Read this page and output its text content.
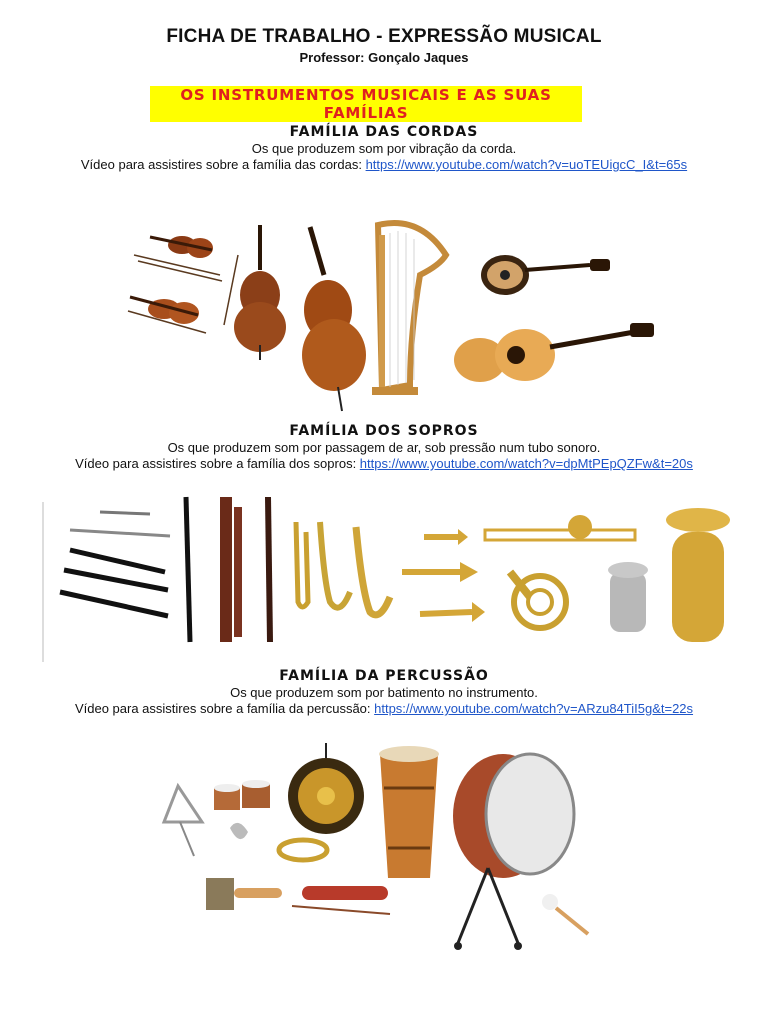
FICHA DE TRABALHO - EXPRESSÃO MUSICAL
Professor: Gonçalo Jaques
OS INSTRUMENTOS MUSICAIS E AS SUAS FAMÍLIAS
FAMÍLIA DAS CORDAS
Os que produzem som por vibração da corda.
Vídeo para assistires sobre a família das cordas: https://www.youtube.com/watch?v=uoTEUigcC_I&t=65s
FAMÍLIA DOS SOPROS
Os que produzem som por passagem de ar, sob pressão num tubo sonoro.
Vídeo para assistires sobre a família dos sopros: https://www.youtube.com/watch?v=dpMtPEpQZFw&t=20s
FAMÍLIA DA PERCUSSÃO
Os que produzem som por batimento no instrumento.
Vídeo para assistires sobre a família da percussão: https://www.youtube.com/watch?v=ARzu84TiI5g&t=22s
